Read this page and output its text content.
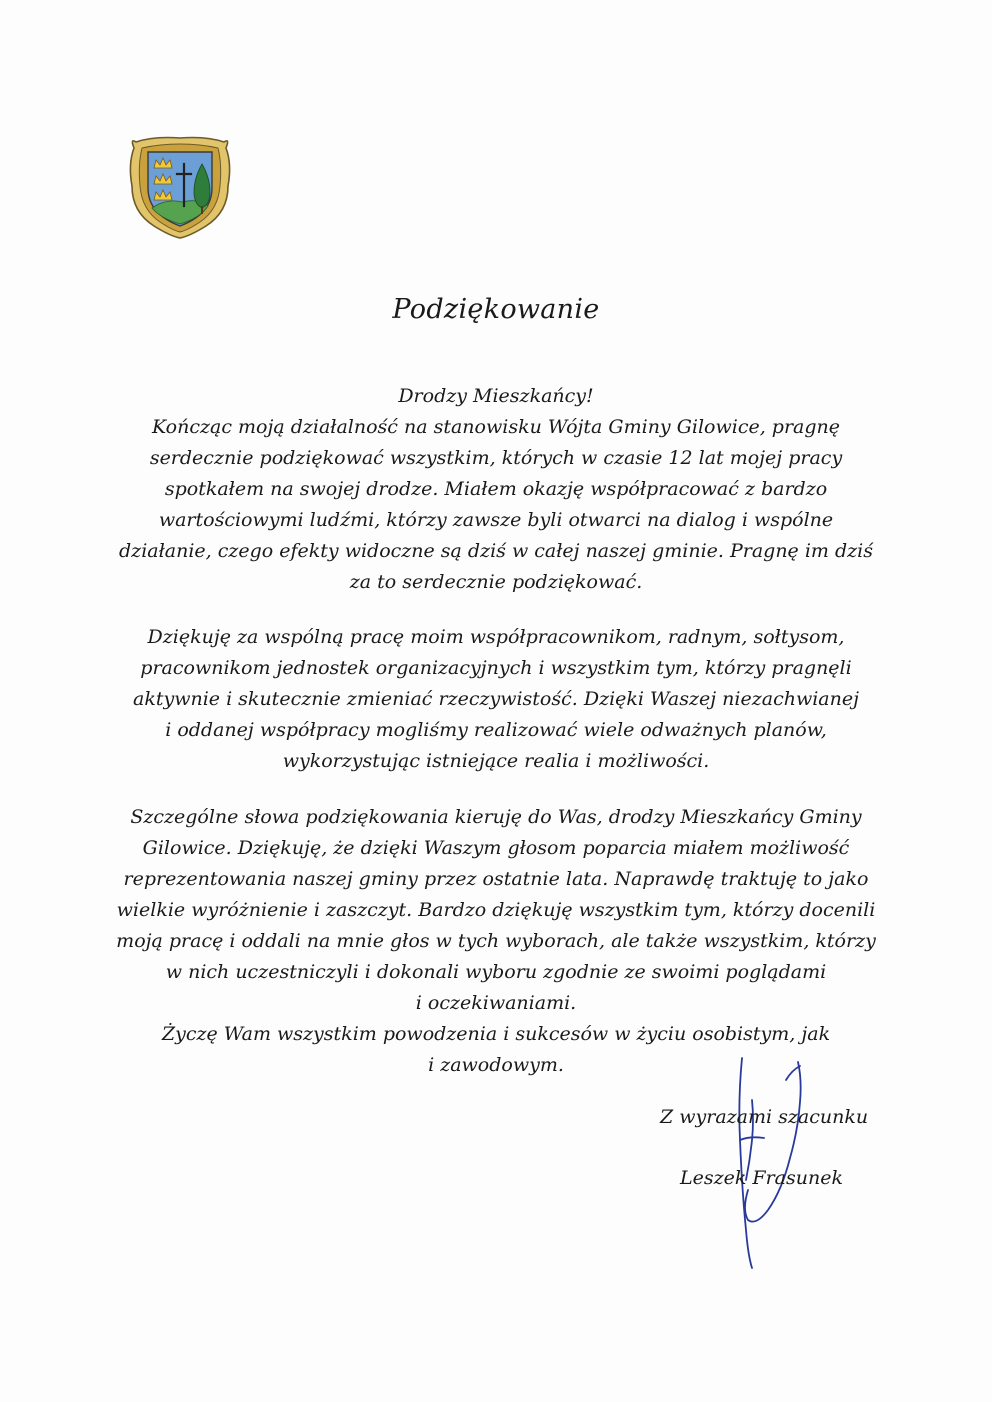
Podziękowanie
Drodzy Mieszkańcy!
Kończąc moją działalność na stanowisku Wójta Gminy Gilowice, pragnę
serdecznie podziękować wszystkim, których w czasie 12 lat mojej pracy
spotkałem na swojej drodze. Miałem okazję współpracować z bardzo
wartościowymi ludźmi, którzy zawsze byli otwarci na dialog i wspólne
działanie, czego efekty widoczne są dziś w całej naszej gminie. Pragnę im dziś
za to serdecznie podziękować.
Dziękuję za wspólną pracę moim współpracownikom, radnym, sołtysom,
pracownikom jednostek organizacyjnych i wszystkim tym, którzy pragnęli
aktywnie i skutecznie zmieniać rzeczywistość. Dzięki Waszej niezachwianej
i oddanej współpracy mogliśmy realizować wiele odważnych planów,
wykorzystując istniejące realia i możliwości.
Szczególne słowa podziękowania kieruję do Was, drodzy Mieszkańcy Gminy
Gilowice. Dziękuję, że dzięki Waszym głosom poparcia miałem możliwość
reprezentowania naszej gminy przez ostatnie lata. Naprawdę traktuję to jako
wielkie wyróżnienie i zaszczyt. Bardzo dziękuję wszystkim tym, którzy docenili
moją pracę i oddali na mnie głos w tych wyborach, ale także wszystkim, którzy
w nich uczestniczyli i dokonali wyboru zgodnie ze swoimi poglądami
i oczekiwaniami.
Życzę Wam wszystkim powodzenia i sukcesów w życiu osobistym, jak
i zawodowym.
Z wyrazami szacunku
Leszek Frasunek
